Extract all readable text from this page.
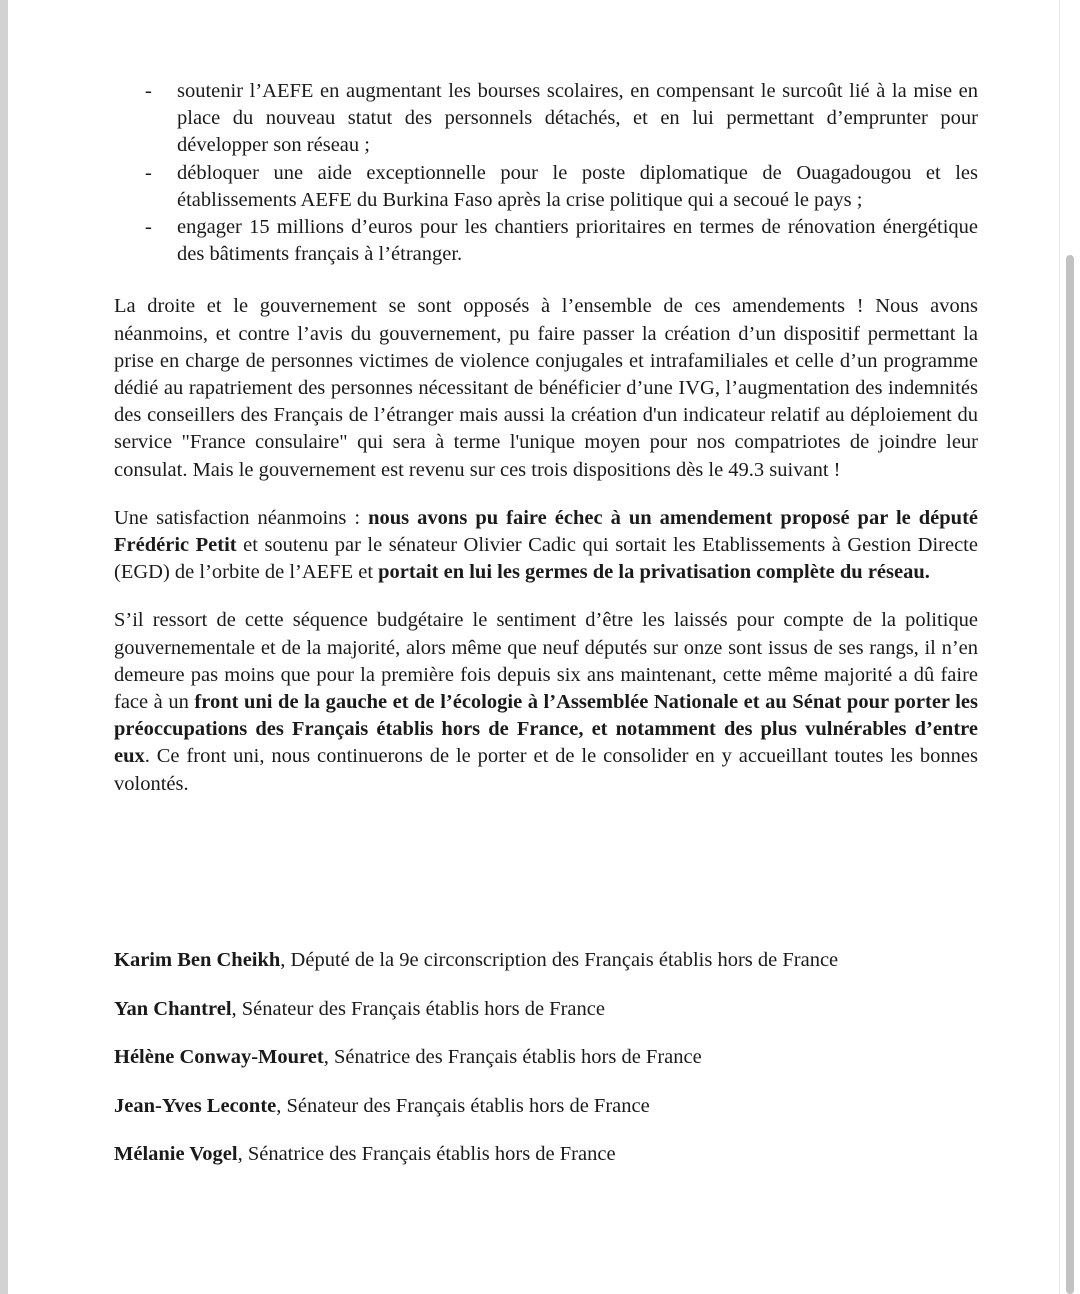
- soutenir l’AEFE en augmentant les bourses scolaires, en compensant le surcoût lié à la mise en place du nouveau statut des personnels détachés, et en lui permettant d’emprunter pour développer son réseau ;
- débloquer une aide exceptionnelle pour le poste diplomatique de Ouagadougou et les établissements AEFE du Burkina Faso après la crise politique qui a secoué le pays ;
- engager 15 millions d’euros pour les chantiers prioritaires en termes de rénovation énergétique des bâtiments français à l’étranger.

La droite et le gouvernement se sont opposés à l’ensemble de ces amendements ! Nous avons néanmoins, et contre l’avis du gouvernement, pu faire passer la création d’un dispositif permettant la prise en charge de personnes victimes de violence conjugales et intrafamiliales et celle d’un programme dédié au rapatriement des personnes nécessitant de bénéficier d’une IVG, l’augmentation des indemnités des conseillers des Français de l’étranger mais aussi la création d'un indicateur relatif au déploiement du service "France consulaire" qui sera à terme l'unique moyen pour nos compatriotes de joindre leur consulat. Mais le gouvernement est revenu sur ces trois dispositions dès le 49.3 suivant !

Une satisfaction néanmoins : nous avons pu faire échec à un amendement proposé par le député Frédéric Petit et soutenu par le sénateur Olivier Cadic qui sortait les Etablissements à Gestion Directe (EGD) de l’orbite de l’AEFE et portait en lui les germes de la privatisation complète du réseau.

S’il ressort de cette séquence budgétaire le sentiment d’être les laissés pour compte de la politique gouvernementale et de la majorité, alors même que neuf députés sur onze sont issus de ses rangs, il n’en demeure pas moins que pour la première fois depuis six ans maintenant, cette même majorité a dû faire face à un front uni de la gauche et de l’écologie à l’Assemblée Nationale et au Sénat pour porter les préoccupations des Français établis hors de France, et notamment des plus vulnérables d’entre eux. Ce front uni, nous continuerons de le porter et de le consolider en y accueillant toutes les bonnes volontés.

Karim Ben Cheikh, Député de la 9e circonscription des Français établis hors de France
Yan Chantrel, Sénateur des Français établis hors de France
Hélène Conway-Mouret, Sénatrice des Français établis hors de France
Jean-Yves Leconte, Sénateur des Français établis hors de France
Mélanie Vogel, Sénatrice des Français établis hors de France
